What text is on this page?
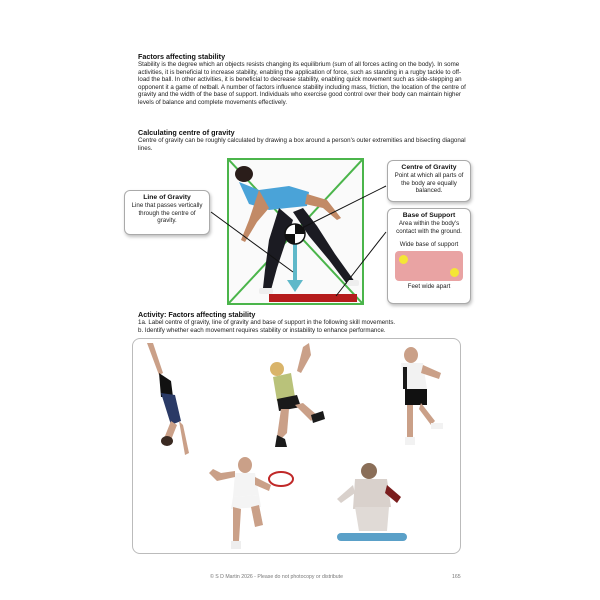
Factors affecting stability
Stability is the degree which an objects resists changing its equilibrium (sum of all forces acting on the body). In some activities, it is beneficial to increase stability, enabling the application of force, such as standing in a rugby tackle to off-load the ball. In other activities, it is beneficial to decrease stability, enabling quick movement such as side-stepping an opponent it a game of netball. A number of factors influence stability including mass, friction, the location of the centre of gravity and the width of the base of support. Individuals who exercise good control over their body can maintain higher levels of balance and complete movements effectively.
Calculating centre of gravity
Centre of gravity can be roughly calculated by drawing a box around a person's outer extremities and bisecting diagonal lines.
Line of Gravity
Line that passes vertically through the centre of gravity.
Centre of Gravity
Point at which all parts of the body are equally balanced.
Base of Support
Area within the body's contact with the ground.
Wide base of support
Feet wide apart
Activity: Factors affecting stability
1a. Label centre of gravity, line of gravity and base of support in the following skill movements.
b. Identify whether each movement requires stability or instability to enhance performance.
© S D Martin 2026 - Please do not photocopy or distribute	165
